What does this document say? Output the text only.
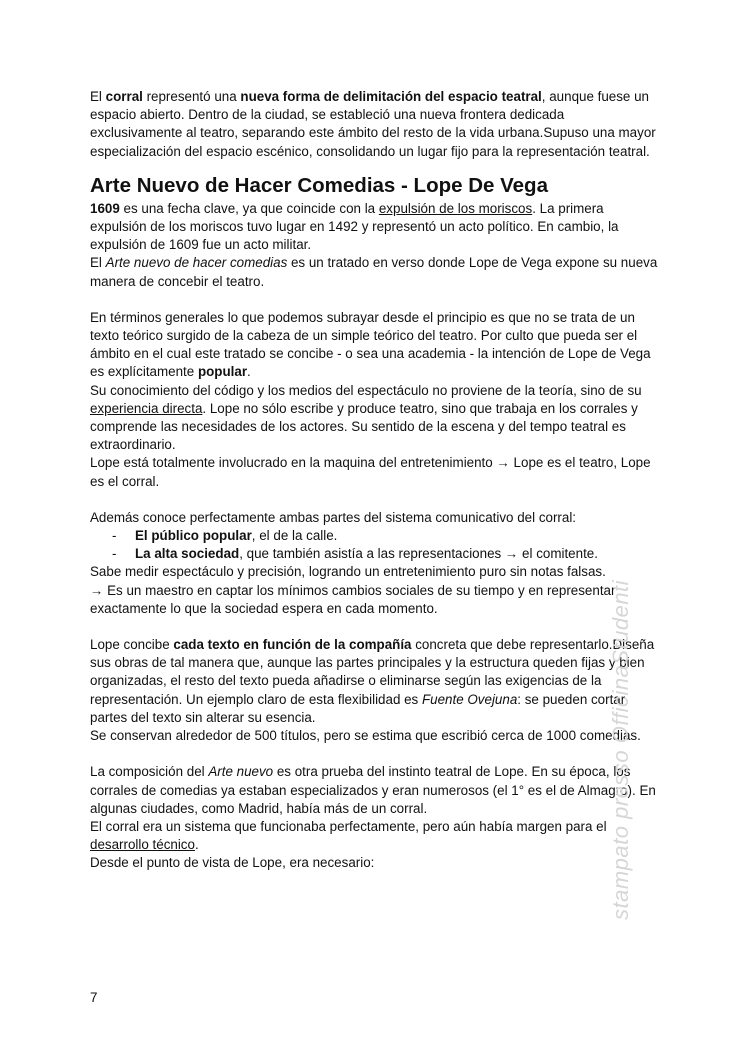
El corral representó una nueva forma de delimitación del espacio teatral, aunque fuese un espacio abierto. Dentro de la ciudad, se estableció una nueva frontera dedicada exclusivamente al teatro, separando este ámbito del resto de la vida urbana.Supuso una mayor especialización del espacio escénico, consolidando un lugar fijo para la representación teatral.

Arte Nuevo de Hacer Comedias - Lope De Vega

1609 es una fecha clave, ya que coincide con la expulsión de los moriscos. La primera expulsión de los moriscos tuvo lugar en 1492 y representó un acto político. En cambio, la expulsión de 1609 fue un acto militar.

El Arte nuevo de hacer comedias es un tratado en verso donde Lope de Vega expone su nueva manera de concebir el teatro.

En términos generales lo que podemos subrayar desde el principio es que no se trata de un texto teórico surgido de la cabeza de un simple teórico del teatro. Por culto que pueda ser el ámbito en el cual este tratado se concibe - o sea una academia - la intención de Lope de Vega es explícitamente popular.

Su conocimiento del código y los medios del espectáculo no proviene de la teoría, sino de su experiencia directa. Lope no sólo escribe y produce teatro, sino que trabaja en los corrales y comprende las necesidades de los actores. Su sentido de la escena y del tempo teatral es extraordinario.

Lope está totalmente involucrado en la maquina del entretenimiento → Lope es el teatro, Lope es el corral.

Además conoce perfectamente ambas partes del sistema comunicativo del corral:

- El público popular, el de la calle.
- La alta sociedad, que también asistía a las representaciones → el comitente.

Sabe medir espectáculo y precisión, logrando un entretenimiento puro sin notas falsas.

→ Es un maestro en captar los mínimos cambios sociales de su tiempo y en representar exactamente lo que la sociedad espera en cada momento.

Lope concibe cada texto en función de la compañía concreta que debe representarlo.Diseña sus obras de tal manera que, aunque las partes principales y la estructura queden fijas y bien organizadas, el resto del texto pueda añadirse o eliminarse según las exigencias de la representación. Un ejemplo claro de esta flexibilidad es Fuente Ovejuna: se pueden cortar partes del texto sin alterar su esencia.

Se conservan alrededor de 500 títulos, pero se estima que escribió cerca de 1000 comedias.

La composición del Arte nuevo es otra prueba del instinto teatral de Lope. En su época, los corrales de comedias ya estaban especializados y eran numerosos (el 1° es el de Almagro). En algunas ciudades, como Madrid, había más de un corral.

El corral era un sistema que funcionaba perfectamente, pero aún había margen para el desarrollo técnico.

Desde el punto de vista de Lope, era necesario:	stampato presso OfficinaStudenti
7
